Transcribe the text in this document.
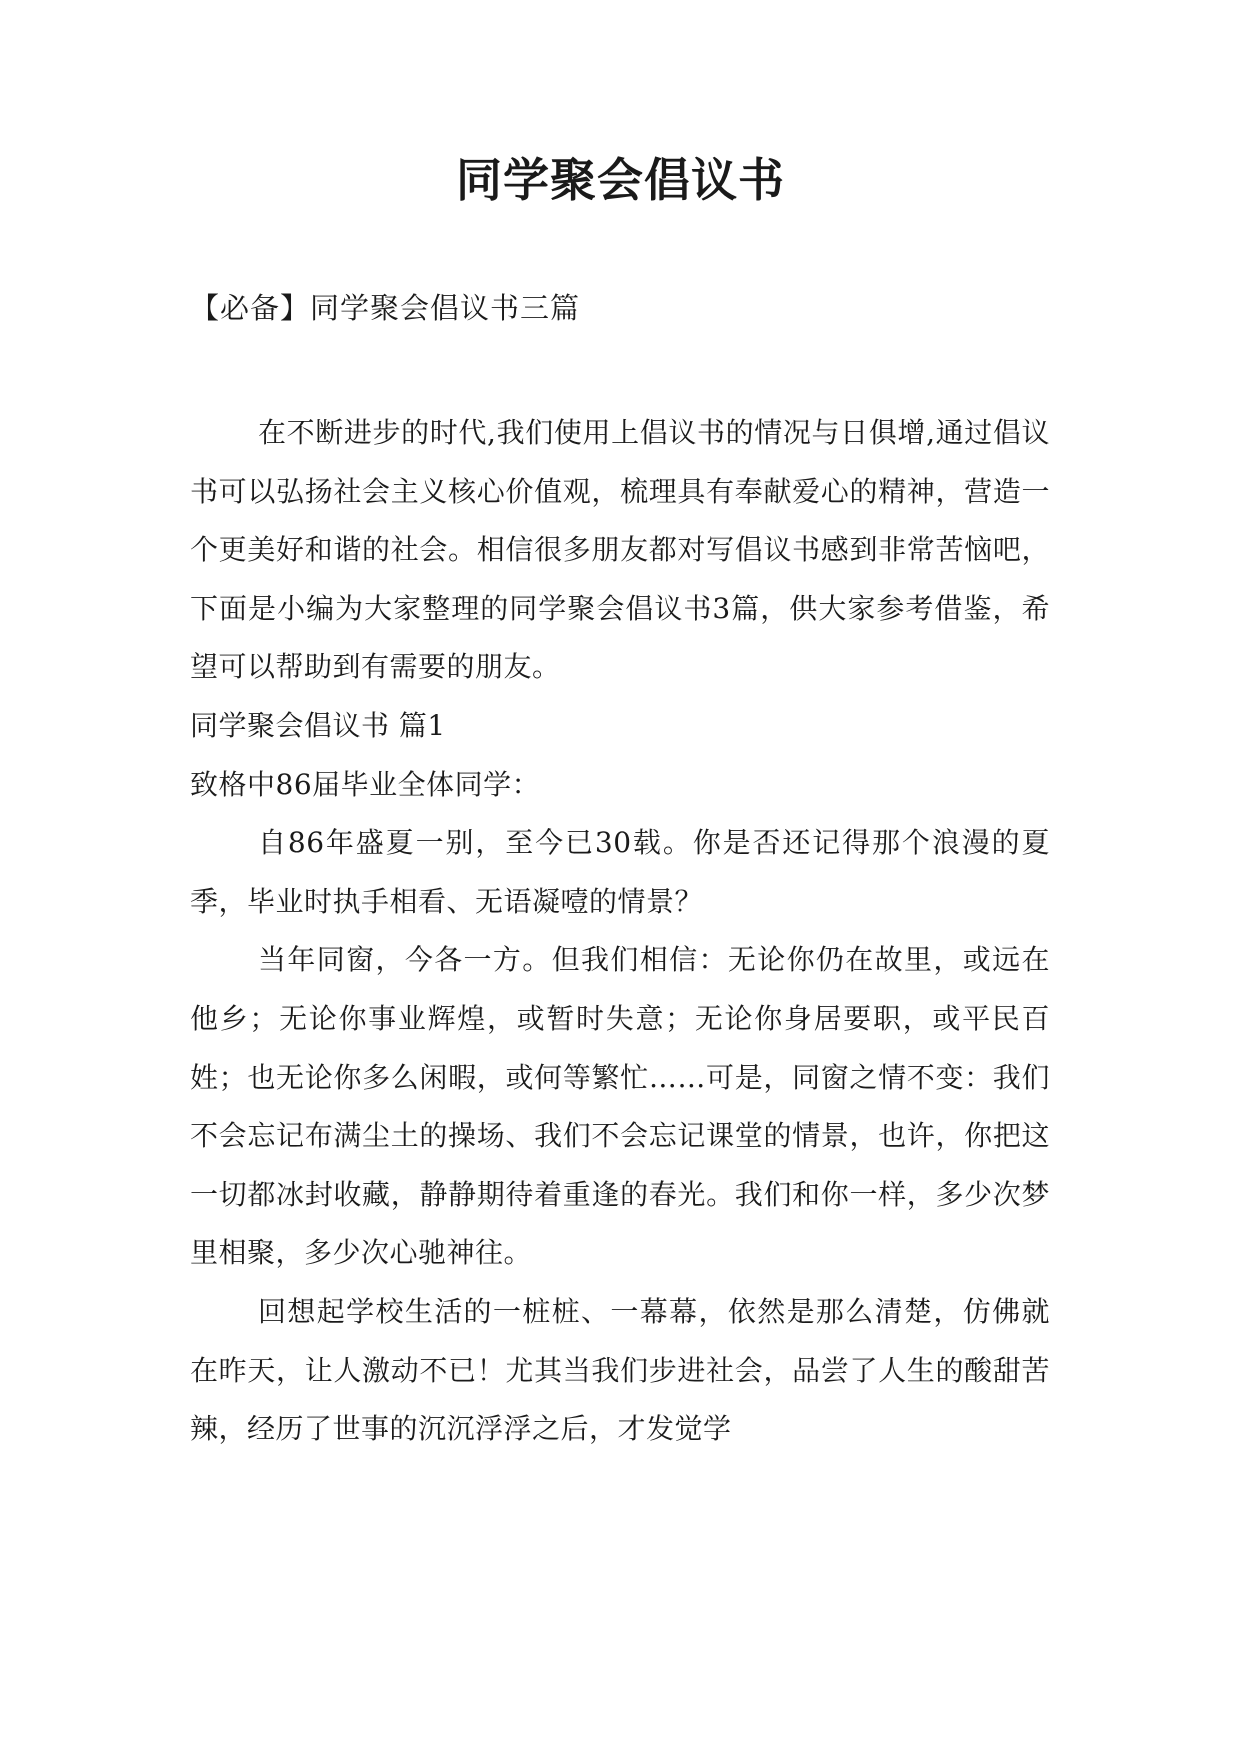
同学聚会倡议书

【必备】同学聚会倡议书三篇

在不断进步的时代,我们使用上倡议书的情况与日俱增,通过倡议书可以弘扬社会主义核心价值观，梳理具有奉献爱心的精神，营造一个更美好和谐的社会。相信很多朋友都对写倡议书感到非常苦恼吧，下面是小编为大家整理的同学聚会倡议书3篇，供大家参考借鉴，希望可以帮助到有需要的朋友。

同学聚会倡议书 篇1

致格中86届毕业全体同学：

自86年盛夏一别，至今已30载。你是否还记得那个浪漫的夏季，毕业时执手相看、无语凝噎的情景？

当年同窗，今各一方。但我们相信：无论你仍在故里，或远在他乡；无论你事业辉煌，或暂时失意；无论你身居要职，或平民百姓；也无论你多么闲暇，或何等繁忙……可是，同窗之情不变：我们不会忘记布满尘土的操场、我们不会忘记课堂的情景，也许，你把这一切都冰封收藏，静静期待着重逢的春光。我们和你一样，多少次梦里相聚，多少次心驰神往。

回想起学校生活的一桩桩、一幕幕，依然是那么清楚，仿佛就在昨天，让人激动不已！尤其当我们步进社会，品尝了人生的酸甜苦辣，经历了世事的沉沉浮浮之后，才发觉学
